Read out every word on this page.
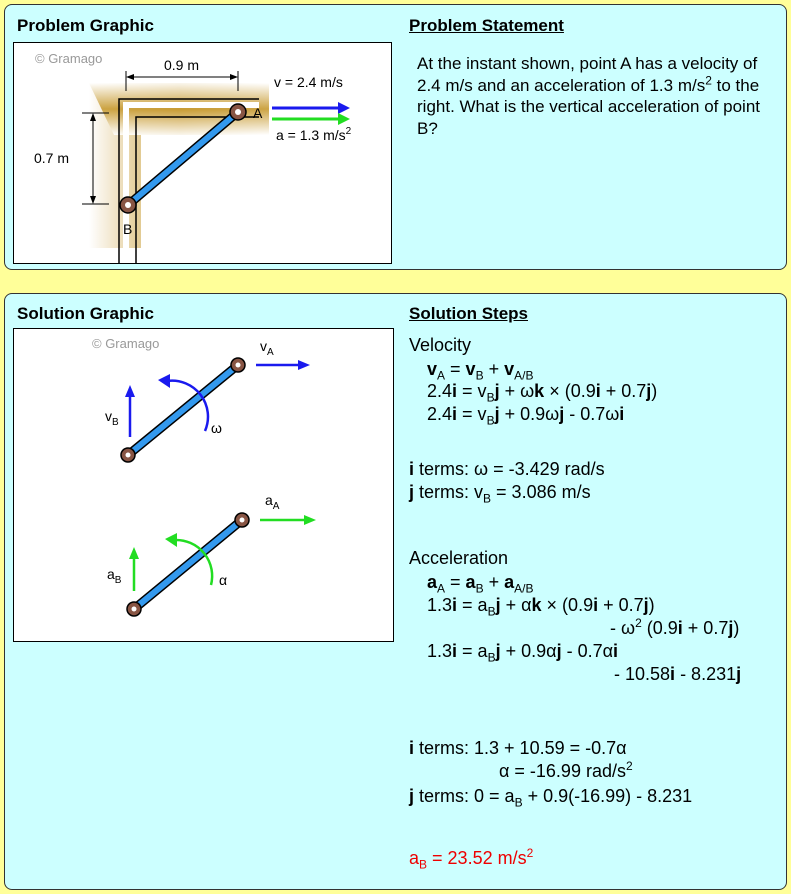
Problem Graphic	Problem Statement
© Gramago	0.9 m
0.7 m
A
B
v = 2.4 m/s
a = 1.3 $m/s^2$

At the instant shown, point A has a velocity of 2.4 m/s and an acceleration of 1.3 $m/s^2$ to the right. What is the vertical acceleration of point B?

Solution Graphic	Solution Steps
© Gramago	$v_A$
$v_B$	ω
$a_A$
$a_B$	α

Velocity

$v_A = v_B + v_{A/B}$

$2.4i = v_Bj + \omega k \times (0.9i + 0.7j)$

$2.4i = v_Bj + 0.9\omega j - 0.7\omega i$

i terms: ω = -3.429 rad/s

j terms: $v_B = 3.086$ m/s

Acceleration

$a_A = a_B + a_{A/B}$

$1.3i = a_Bj + \alpha k \times (0.9i + 0.7j)$

- $\omega^2$ (0.9i + 0.7j)

$1.3i = a_Bj + 0.9\alpha j - 0.7\alpha i$

- 10.58i - 8.231j

i terms: 1.3 + 10.59 = -0.7α

α = -16.99 rad/$s^2$

j terms: $0 = a_B + 0.9(-16.99) - 8.231$

$a_B = 23.52$ $m/s^2$
